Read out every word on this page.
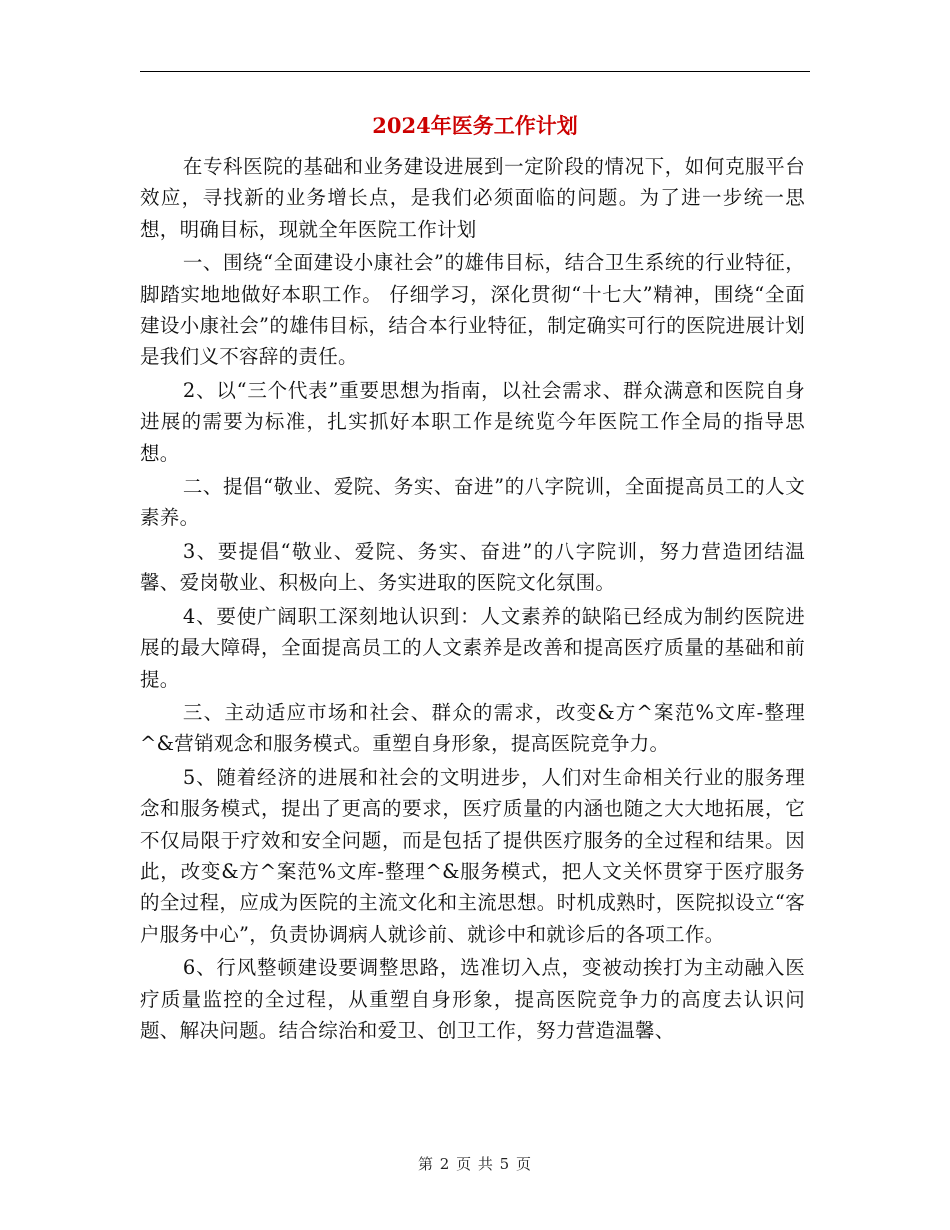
2024年医务工作计划

在专科医院的基础和业务建设进展到一定阶段的情况下，如何克服平台效应，寻找新的业务增长点，是我们必须面临的问题。为了进一步统一思想，明确目标，现就全年医院工作计划

一、围绕“全面建设小康社会”的雄伟目标，结合卫生系统的行业特征，脚踏实地地做好本职工作。 仔细学习，深化贯彻“十七大”精神，围绕“全面建设小康社会”的雄伟目标，结合本行业特征，制定确实可行的医院进展计划是我们义不容辞的责任。

2、以“三个代表”重要思想为指南，以社会需求、群众满意和医院自身进展的需要为标准，扎实抓好本职工作是统览今年医院工作全局的指导思想。

二、提倡“敬业、爱院、务实、奋进”的八字院训，全面提高员工的人文素养。

3、要提倡“敬业、爱院、务实、奋进”的八字院训，努力营造团结温馨、爱岗敬业、积极向上、务实进取的医院文化氛围。

4、要使广阔职工深刻地认识到：人文素养的缺陷已经成为制约医院进展的最大障碍，全面提高员工的人文素养是改善和提高医疗质量的基础和前提。

三、主动适应市场和社会、群众的需求，改变&方^案范%文库-整理^&营销观念和服务模式。重塑自身形象，提高医院竞争力。

5、随着经济的进展和社会的文明进步，人们对生命相关行业的服务理念和服务模式，提出了更高的要求，医疗质量的内涵也随之大大地拓展，它不仅局限于疗效和安全问题，而是包括了提供医疗服务的全过程和结果。因此，改变&方^案范%文库-整理^&服务模式，把人文关怀贯穿于医疗服务的全过程，应成为医院的主流文化和主流思想。时机成熟时，医院拟设立“客户服务中心”，负责协调病人就诊前、就诊中和就诊后的各项工作。

6、行风整顿建设要调整思路，选准切入点，变被动挨打为主动融入医疗质量监控的全过程，从重塑自身形象，提高医院竞争力的高度去认识问题、解决问题。结合综治和爱卫、创卫工作，努力营造温馨、

第 2 页 共 5 页
